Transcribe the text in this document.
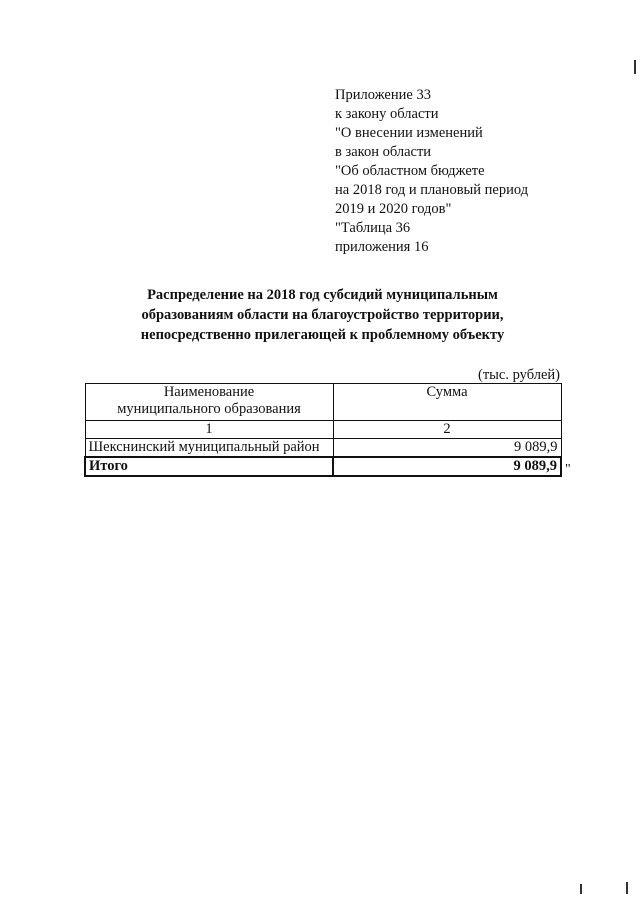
Приложение 33
к закону области
"О внесении изменений
в закон области
"Об областном бюджете
на 2018 год и плановый период
2019 и 2020 годов"
"Таблица 36
приложения 16
Распределение на 2018 год субсидий муниципальным
образованиям области на благоустройство территории,
непосредственно прилегающей к проблемному объекту
(тыс. рублей)
Наименование
муниципального образования	Сумма
1	2
Шекснинский муниципальный район	9 089,9
Итого	9 089,9 "
